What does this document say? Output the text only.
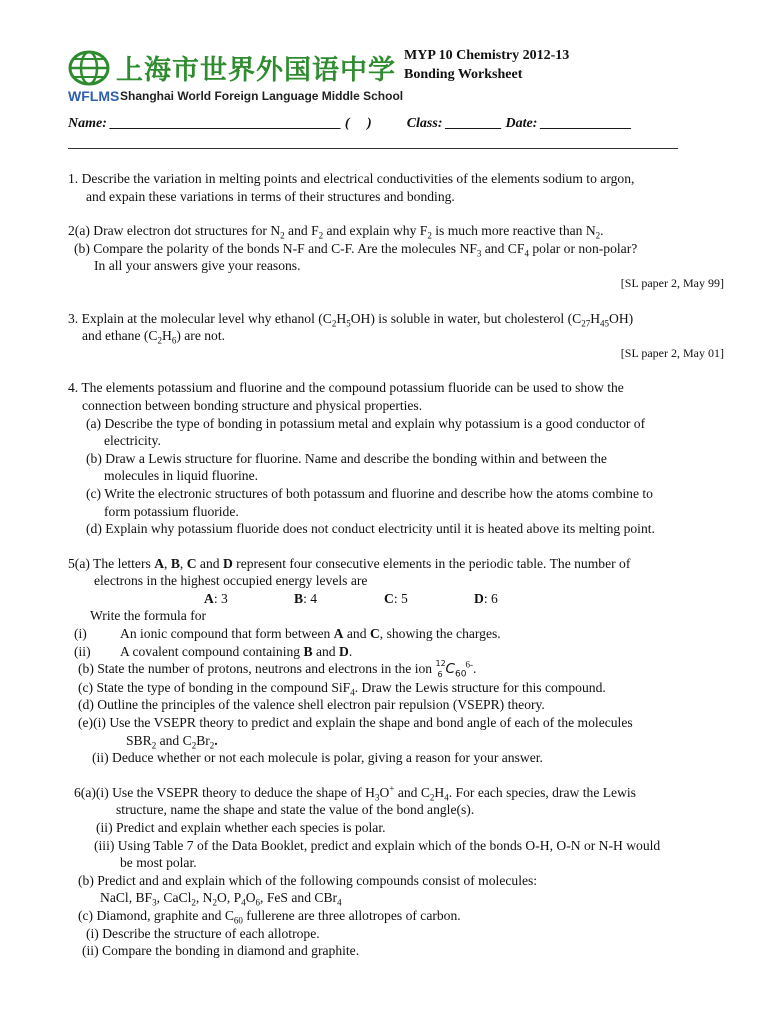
上海市世界外国语中学
WFLMS Shanghai World Foreign Language Middle School
MYP 10 Chemistry 2012-13
Bonding Worksheet
Name: _________________________________ (     )          Class: ________ Date: _____________
1. Describe the variation in melting points and electrical conductivities of the elements sodium to argon,
and expain these variations in terms of their structures and bonding.
2(a) Draw electron dot structures for $N_2$ and $F_2$ and explain why $F_2$ is much more reactive than $N_2$.
(b) Compare the polarity of the bonds N-F and C-F. Are the molecules $NF_3$ and $CF_4$ polar or non-polar?
In all your answers give your reasons.
[SL paper 2, May 99]
3. Explain at the molecular level why ethanol $(C_2H_5OH)$ is soluble in water, but cholesterol $(C_{27}H_{45}OH)$
and ethane $(C_2H_6)$ are not.
[SL paper 2, May 01]
4. The elements potassium and fluorine and the compound potassium fluoride can be used to show the
connection between bonding structure and physical properties.
(a) Describe the type of bonding in potassium metal and explain why potassium is a good conductor of
electricity.
(b) Draw a Lewis structure for fluorine. Name and describe the bonding within and between the
molecules in liquid fluorine.
(c) Write the electronic structures of both potassum and fluorine and describe how the atoms combine to
form potassium fluoride.
(d) Explain why potassium fluoride does not conduct electricity until it is heated above its melting point.
5(a) The letters A, B, C and D represent four consecutive elements in the periodic table. The number of
electrons in the highest occupied energy levels are
A: 3	B: 4	C: 5	D: 6
Write the formula for
(i) An ionic compound that form between A and C, showing the charges.
(ii) A covalent compound containing B and D.
(b) State the number of protons, neutrons and electrons in the ion 12
6 $C_{60}^{6-}$.
(c) State the type of bonding in the compound SiF$_4$. Draw the Lewis structure for this compound.
(d) Outline the principles of the valence shell electron pair repulsion (VSEPR) theory.
(e)(i) Use the VSEPR theory to predict and explain the shape and bond angle of each of the molecules
$SBR_2$ and $C_2Br_2$.
(ii) Deduce whether or not each molecule is polar, giving a reason for your answer.
6(a)(i) Use the VSEPR theory to deduce the shape of $H_3O^+$ and $C_2H_4$. For each species, draw the Lewis
structure, name the shape and state the value of the bond angle(s).
(ii) Predict and explain whether each species is polar.
(iii) Using Table 7 of the Data Booklet, predict and explain which of the bonds O-H, O-N or N-H would
be most polar.
(b) Predict and and explain which of the following compounds consist of molecules:
NaCl, $BF_3$, CaCl$_2$, $N_2O$, $P_4O_6$, FeS and CBr$_4$
(c) Diamond, graphite and $C_{60}$ fullerene are three allotropes of carbon.
(i) Describe the structure of each allotrope.
(ii) Compare the bonding in diamond and graphite.
